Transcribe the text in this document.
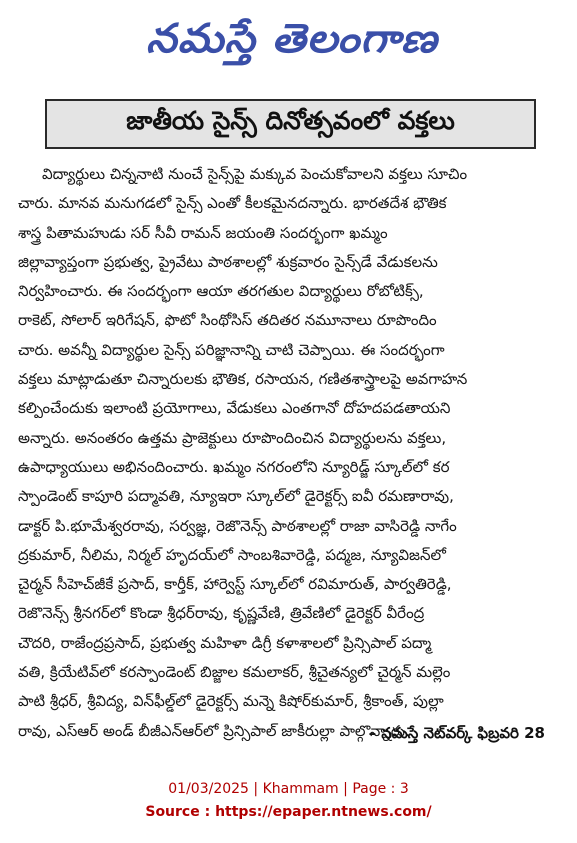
నమస్తే తెలంగాణ
జాతీయ సైన్స్ దినోత్సవంలో వక్తలు
విద్యార్థులు చిన్ననాటి నుంచే సైన్స్‌పై మక్కువ పెంచుకోవాలని వక్తలు సూచిం
చారు. మానవ మనుగడలో సైన్స్ ఎంతో కీలకమైనదన్నారు. భారతదేశ భౌతిక
శాస్త్ర పితామహుడు సర్ సీవీ రామన్ జయంతి సందర్భంగా ఖమ్మం
జిల్లావ్యాప్తంగా ప్రభుత్వ, ప్రైవేటు పాఠశాలల్లో శుక్రవారం సైన్స్‌డే వేడుకలను
నిర్వహించారు. ఈ సందర్భంగా ఆయా తరగతుల విద్యార్థులు రోబోటిక్స్,
రాకెట్, సోలార్ ఇరిగేషన్, ఫొటో సింథోసిస్ తదితర నమూనాలు రూపొందిం
చారు. అవన్నీ విద్యార్థుల సైన్స్ పరిజ్ఞానాన్ని చాటి చెప్పాయి. ఈ సందర్భంగా
వక్తలు మాట్లాడుతూ చిన్నారులకు భౌతిక, రసాయన, గణితశాస్త్రాలపై అవగాహన
కల్పించేందుకు ఇలాంటి ప్రయోగాలు, వేడుకలు ఎంతగానో దోహదపడతాయని
అన్నారు. అనంతరం ఉత్తమ ప్రాజెక్టులు రూపొందించిన విద్యార్థులను వక్తలు,
ఉపాధ్యాయులు అభినందించారు. ఖమ్మం నగరంలోని న్యూరిడ్జ్ స్కూల్‌లో కర
స్పాండెంట్ కాపూరి పద్మావతి, న్యూఇరా స్కూల్‌లో డైరెక్టర్స్ ఐవీ రమణారావు,
డాక్టర్ పి.భూమేశ్వరరావు, సర్వజ్ఞ, రెజొనెన్స్ పాఠశాలల్లో రాజా వాసిరెడ్డి నాగేం
ద్రకుమార్, నీలిమ, నిర్మల్ హృదయ్‌లో సాంబశివారెడ్డి, పద్మజ, న్యూవిజన్‌లో
చైర్మన్ సీహెచ్‌జీకే ప్రసాద్, కార్తీక్, హార్వెస్ట్ స్కూల్‌లో రవిమారుత్, పార్వతిరెడ్డి,
రెజొనెన్స్ శ్రీనగర్‌లో కొండా శ్రీధర్‌రావు, కృష్ణవేణి, త్రివేణిలో డైరెక్టర్ వీరేంద్ర
చౌదరి, రాజేంద్రప్రసాద్, ప్రభుత్వ మహిళా డిగ్రీ కళాశాలలో ప్రిన్సిపాల్ పద్మా
వతి, క్రియేటివ్‌లో కరస్పాండెంట్ బిజ్జాల కమలాకర్, శ్రీచైతన్యలో చైర్మన్ మల్లెం
పాటి శ్రీధర్, శ్రీవిద్య, విన్‌ఫీల్డ్‌లో డైరెక్టర్స్ మన్నె కిషోర్‌కుమార్, శ్రీకాంత్, పుల్లా
రావు, ఎస్ఆర్ అండ్ బీజీఎన్ఆర్‌లో ప్రిన్సిపాల్ జాకీరుల్లా పాల్గొన్నారు.
– నమస్తే నెట్‌వర్క్ ఫిబ్రవరి 28
01/03/2025 | Khammam | Page : 3
Source : https://epaper.ntnews.com/
